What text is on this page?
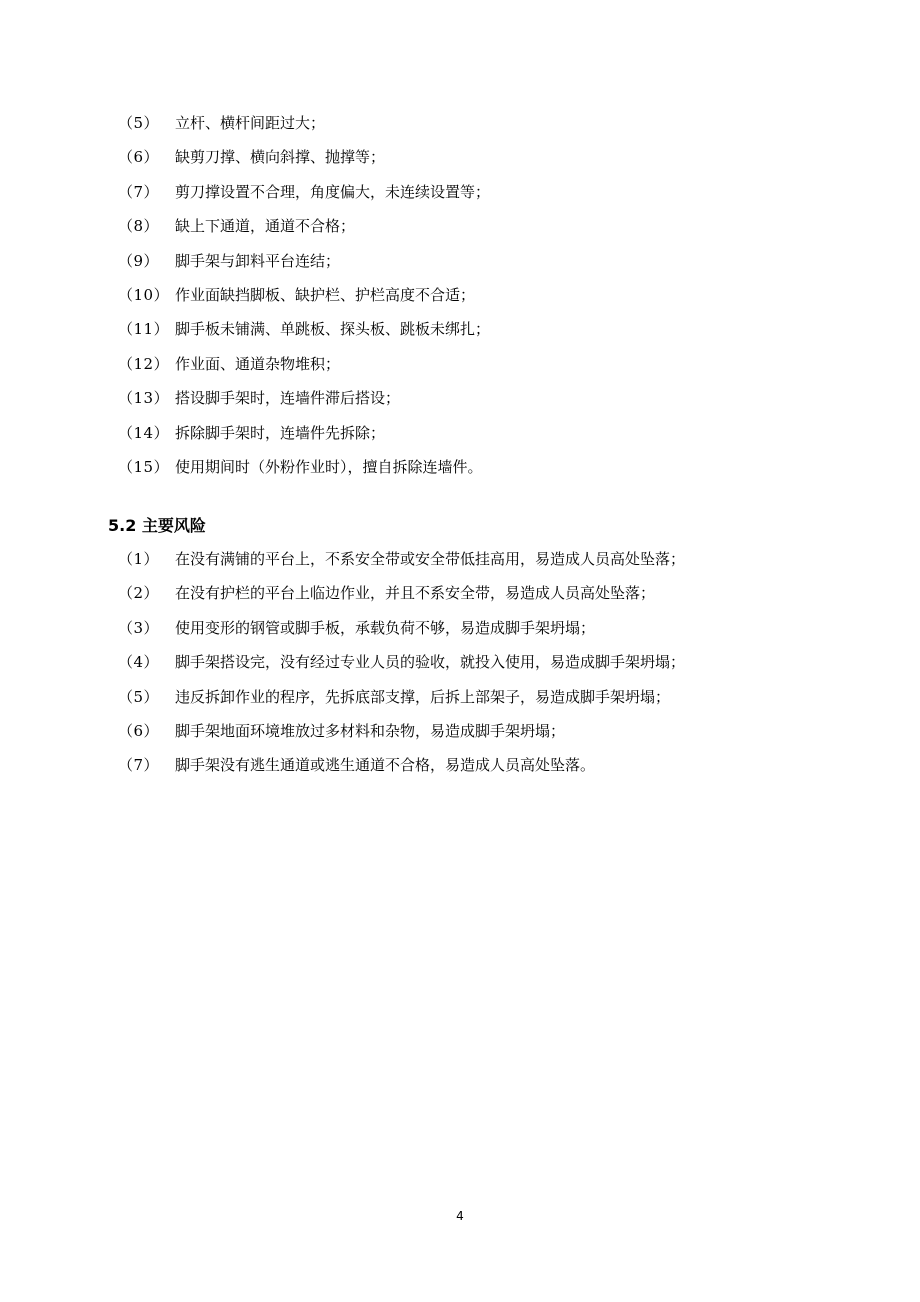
（5） 立杆、横杆间距过大；
（6） 缺剪刀撑、横向斜撑、抛撑等；
（7） 剪刀撑设置不合理，角度偏大，未连续设置等；
（8） 缺上下通道，通道不合格；
（9） 脚手架与卸料平台连结；
（10） 作业面缺挡脚板、缺护栏、护栏高度不合适；
（11） 脚手板未铺满、单跳板、探头板、跳板未绑扎；
（12） 作业面、通道杂物堆积；
（13） 搭设脚手架时，连墙件滞后搭设；
（14） 拆除脚手架时，连墙件先拆除；
（15） 使用期间时（外粉作业时），擅自拆除连墙件。
5.2 主要风险
（1） 在没有满铺的平台上，不系安全带或安全带低挂高用，易造成人员高处坠落；
（2） 在没有护栏的平台上临边作业，并且不系安全带，易造成人员高处坠落；
（3） 使用变形的钢管或脚手板，承载负荷不够，易造成脚手架坍塌；
（4） 脚手架搭设完，没有经过专业人员的验收，就投入使用，易造成脚手架坍塌；
（5） 违反拆卸作业的程序，先拆底部支撑，后拆上部架子，易造成脚手架坍塌；
（6） 脚手架地面环境堆放过多材料和杂物，易造成脚手架坍塌；
（7） 脚手架没有逃生通道或逃生通道不合格，易造成人员高处坠落。
4
